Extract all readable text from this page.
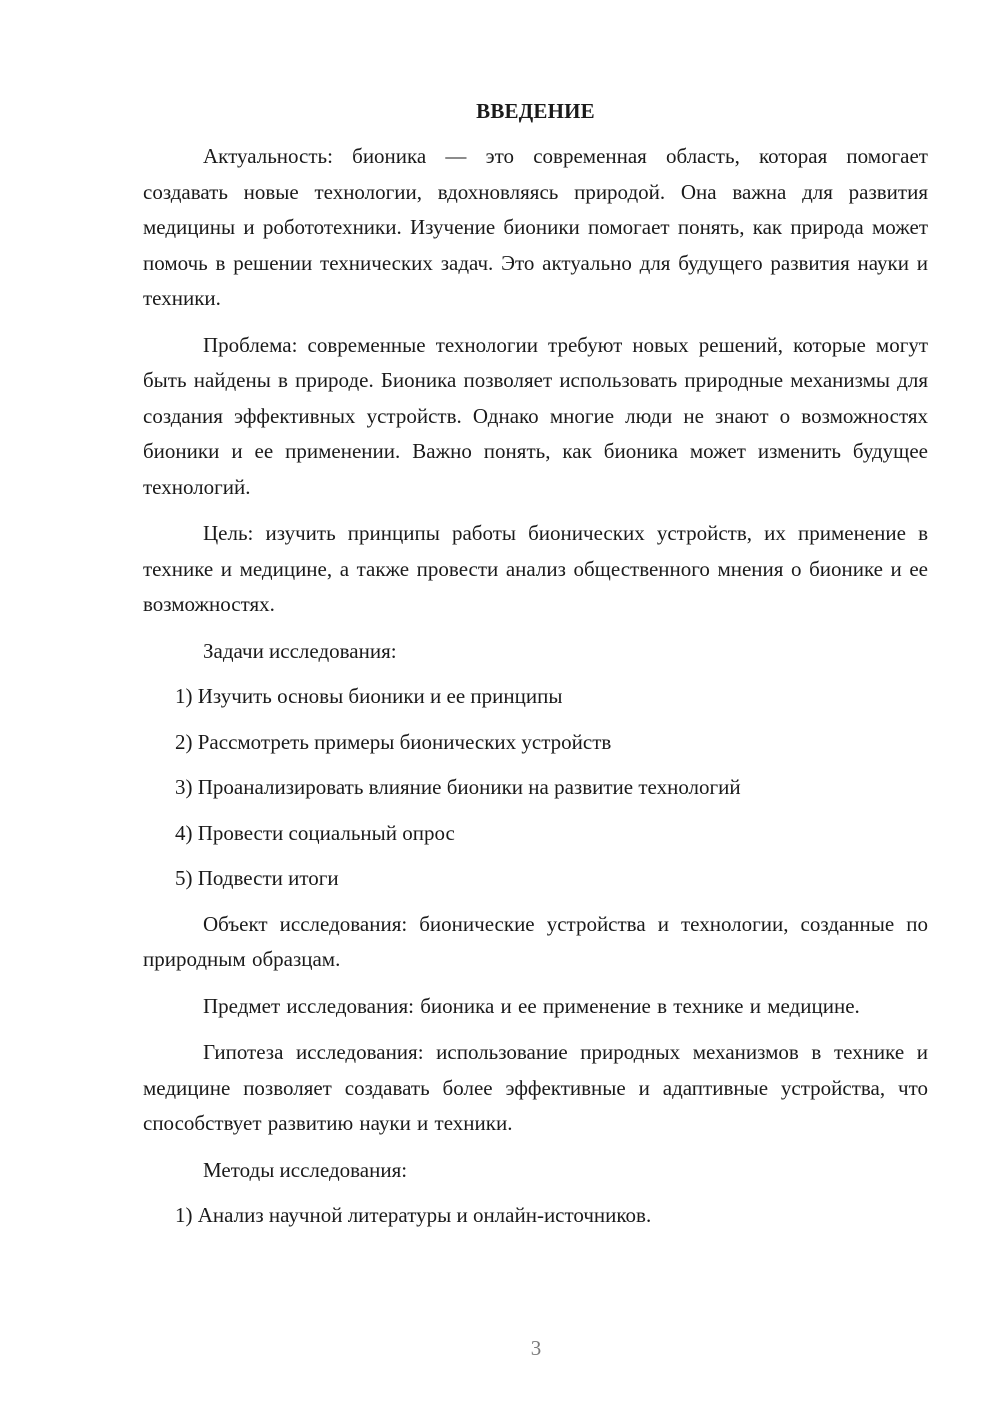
ВВЕДЕНИЕ

Актуальность: бионика — это современная область, которая помогает создавать новые технологии, вдохновляясь природой. Она важна для развития медицины и робототехники. Изучение бионики помогает понять, как природа может помочь в решении технических задач. Это актуально для будущего развития науки и техники.

Проблема: современные технологии требуют новых решений, которые могут быть найдены в природе. Бионика позволяет использовать природные механизмы для создания эффективных устройств. Однако многие люди не знают о возможностях бионики и ее применении. Важно понять, как бионика может изменить будущее технологий.

Цель: изучить принципы работы бионических устройств, их применение в технике и медицине, а также провести анализ общественного мнения о бионике и ее возможностях.

Задачи исследования:
1) Изучить основы бионики и ее принципы
2) Рассмотреть примеры бионических устройств
3) Проанализировать влияние бионики на развитие технологий
4) Провести социальный опрос
5) Подвести итоги

Объект исследования: бионические устройства и технологии, созданные по природным образцам.

Предмет исследования: бионика и ее применение в технике и медицине.

Гипотеза исследования: использование природных механизмов в технике и медицине позволяет создавать более эффективные и адаптивные устройства, что способствует развитию науки и техники.

Методы исследования:
1) Анализ научной литературы и онлайн-источников.
3
